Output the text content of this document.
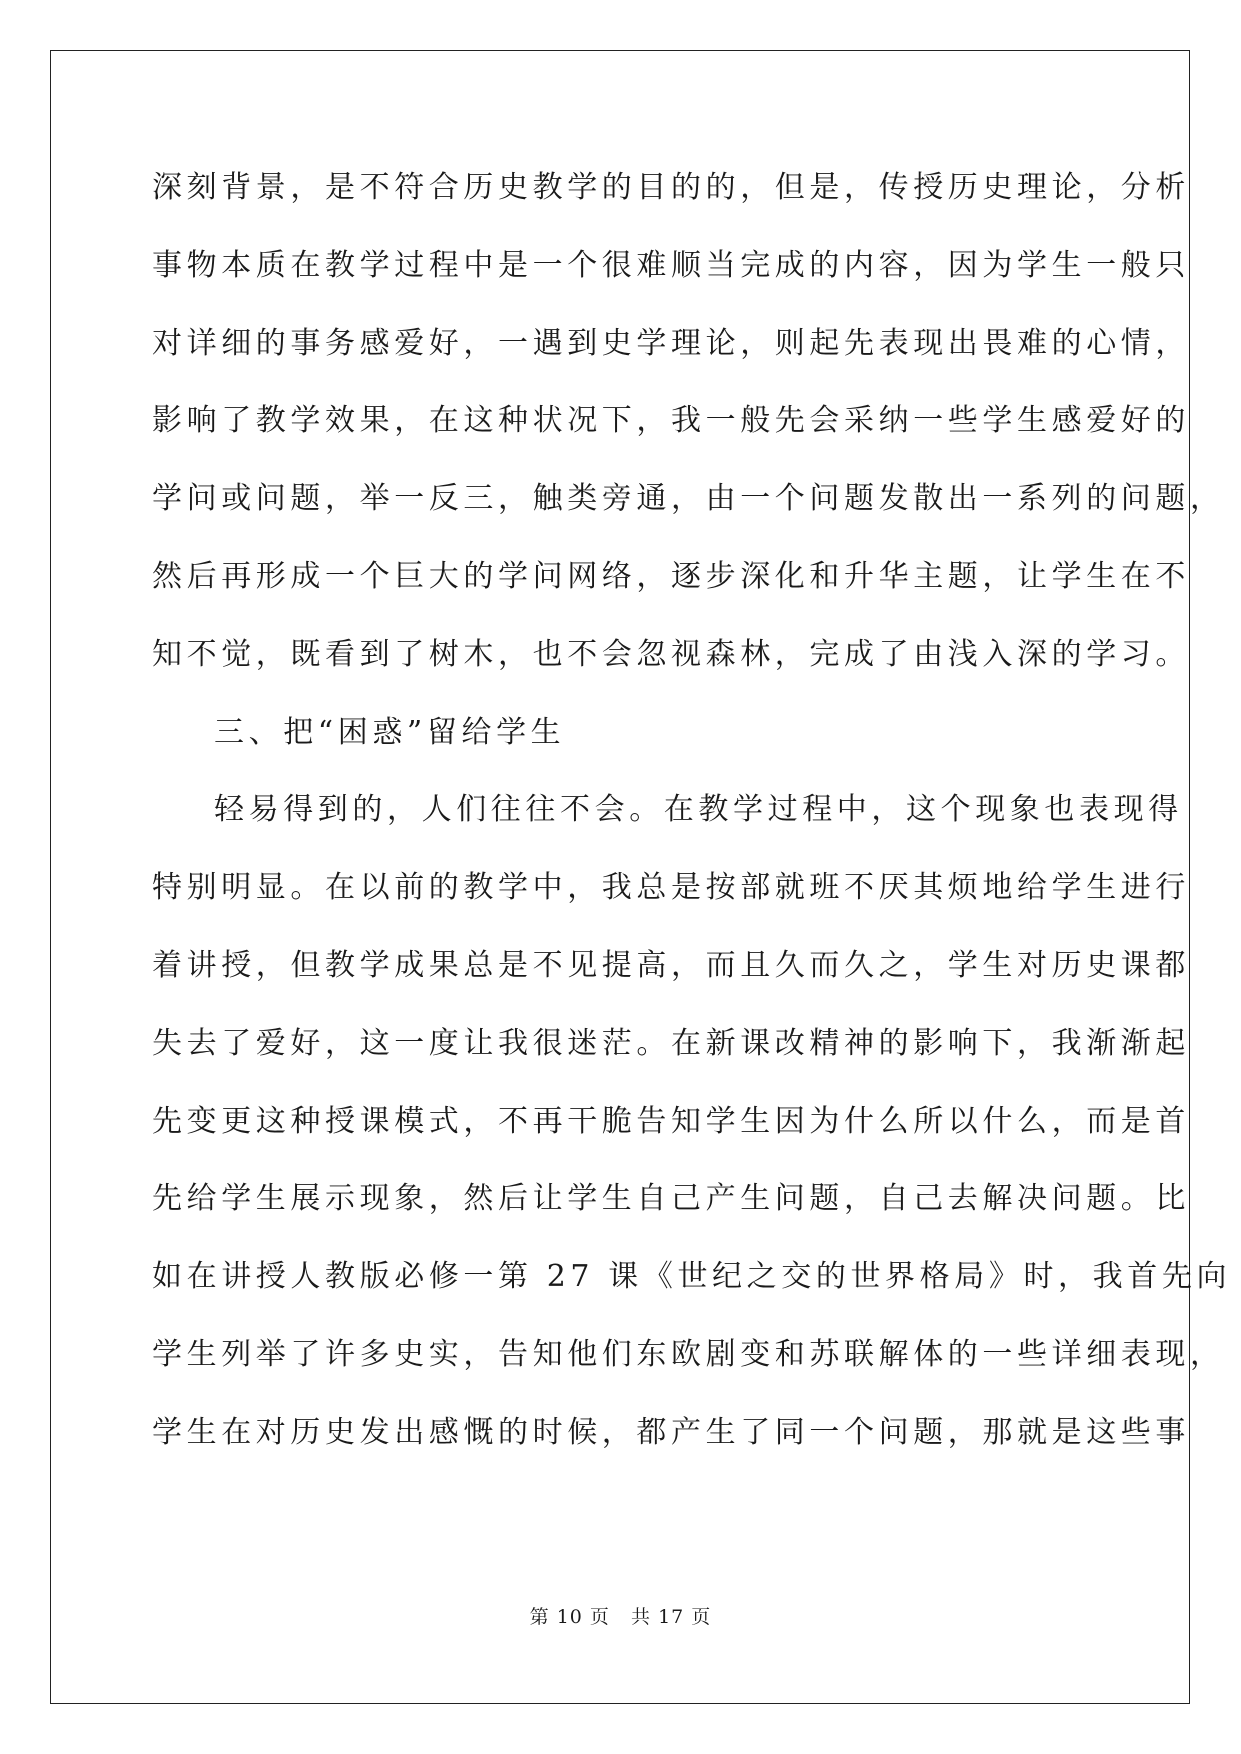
深刻背景，是不符合历史教学的目的的，但是，传授历史理论，分析
事物本质在教学过程中是一个很难顺当完成的内容，因为学生一般只
对详细的事务感爱好，一遇到史学理论，则起先表现出畏难的心情，
影响了教学效果，在这种状况下，我一般先会采纳一些学生感爱好的
学问或问题，举一反三，触类旁通，由一个问题发散出一系列的问题，
然后再形成一个巨大的学问网络，逐步深化和升华主题，让学生在不
知不觉，既看到了树木，也不会忽视森林，完成了由浅入深的学习。
三、把“困惑”留给学生
轻易得到的，人们往往不会。在教学过程中，这个现象也表现得
特别明显。在以前的教学中，我总是按部就班不厌其烦地给学生进行
着讲授，但教学成果总是不见提高，而且久而久之，学生对历史课都
失去了爱好，这一度让我很迷茫。在新课改精神的影响下，我渐渐起
先变更这种授课模式，不再干脆告知学生因为什么所以什么，而是首
先给学生展示现象，然后让学生自己产生问题，自己去解决问题。比
如在讲授人教版必修一第 27 课《世纪之交的世界格局》时，我首先向
学生列举了许多史实，告知他们东欧剧变和苏联解体的一些详细表现，
学生在对历史发出感慨的时候，都产生了同一个问题，那就是这些事
第 10 页   共 17 页
